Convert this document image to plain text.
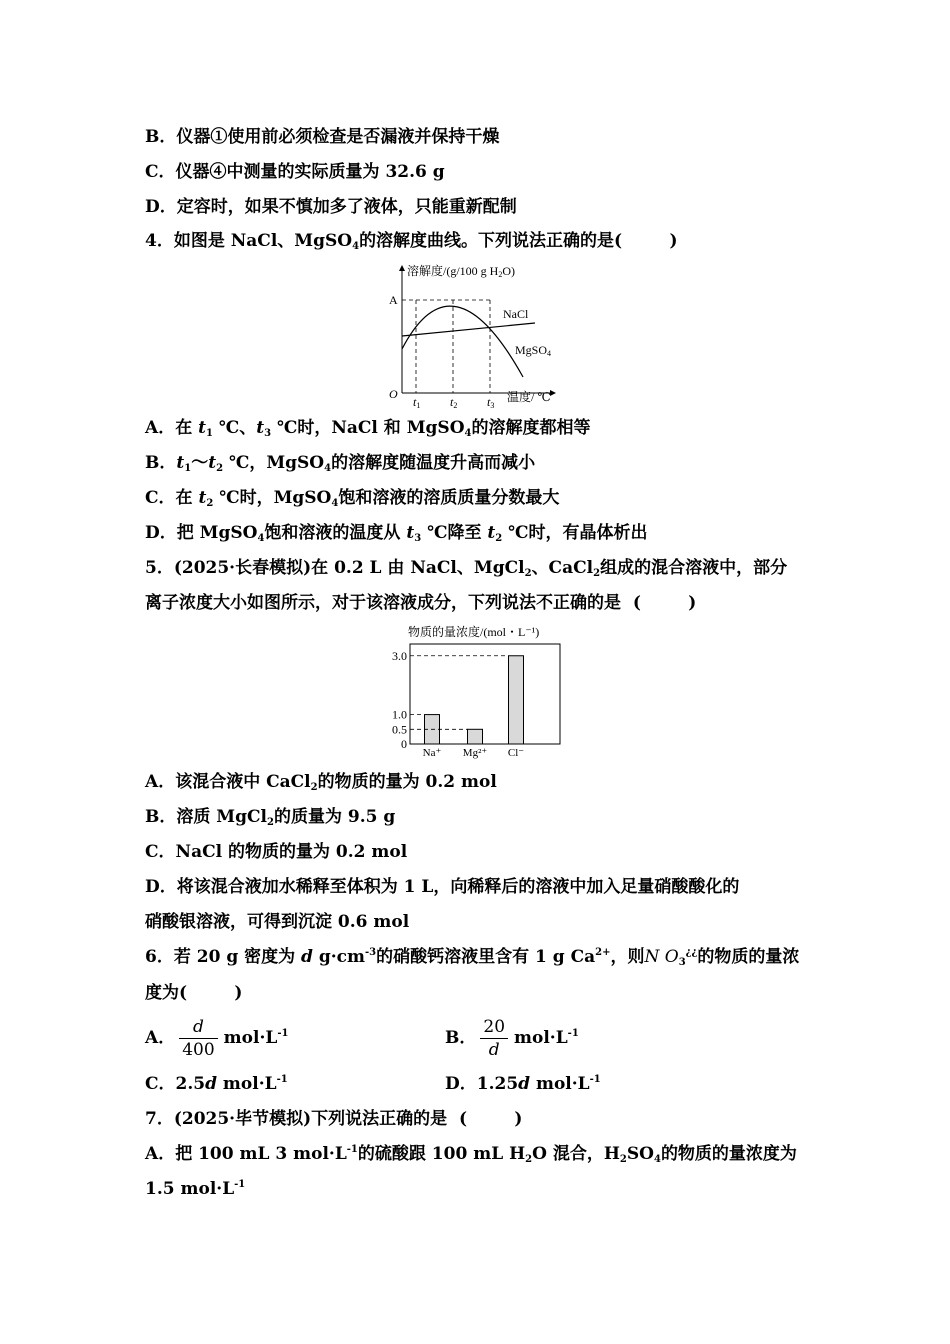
B．仪器①使用前必须检查是否漏液并保持干燥
C．仪器④中测量的实际质量为 32.6 g
D．定容时，如果不慎加多了液体，只能重新配制
4．如图是 NaCl、MgSO$_4$的溶解度曲线。下列说法正确的是(        )
A．在 $t_1$ ℃、$t_3$ ℃时，NaCl 和 MgSO$_4$的溶解度都相等
B．$t_1\sim t_2$ ℃，MgSO$_4$的溶解度随温度升高而减小
C．在 $t_2$ ℃时，MgSO$_4$饱和溶液的溶质质量分数最大
D．把 MgSO$_4$饱和溶液的温度从 $t_3$ ℃降至 $t_2$ ℃时，有晶体析出
5．(2025·长春模拟)在 0.2 L 由 NaCl、MgCl$_2$、CaCl$_2$组成的混合溶液中，部分
离子浓度大小如图所示，对于该溶液成分，下列说法不正确的是  (        )
A．该混合液中 CaCl$_2$的物质的量为 0.2 mol
B．溶质 MgCl$_2$的质量为 9.5 g
C．NaCl 的物质的量为 0.2 mol
D．将该混合液加水稀释至体积为 1 L，向稀释后的溶液中加入足量硝酸酸化的
硝酸银溶液，可得到沉淀 0.6 mol
6．若 20 g 密度为 d $g\cdot cm^{-3}$的硝酸钙溶液里含有 1 g $Ca^{2+}$，则N $O_3^{¿¿}$的物质的量浓
度为(        )
C．2.5d $mol\cdot L^{-1}$
7．(2025·毕节模拟)下列说法正确的是  (        )
A．把 100 mL 3 $mol\cdot L^{-1}$的硫酸跟 100 mL $H_2O$ 混合，$H_2SO_4$的物质的量浓度为
1.5 $mol\cdot L^{-1}$
A． $\frac{d}{400} mol\cdot L^{-1}$	B． $\frac{20}{d} mol\cdot L^{-1}$
D．1.25d $mol\cdot L^{-1}$
溶解度/(g/100 g H2O)
温度/ ℃
O
A
NaCl
MgSO4
t1 t2 t3
物质的量浓度/(mol・L⁻¹)
0
0.5
1.0
3.0
Na⁺ Mg²⁺ Cl⁻
